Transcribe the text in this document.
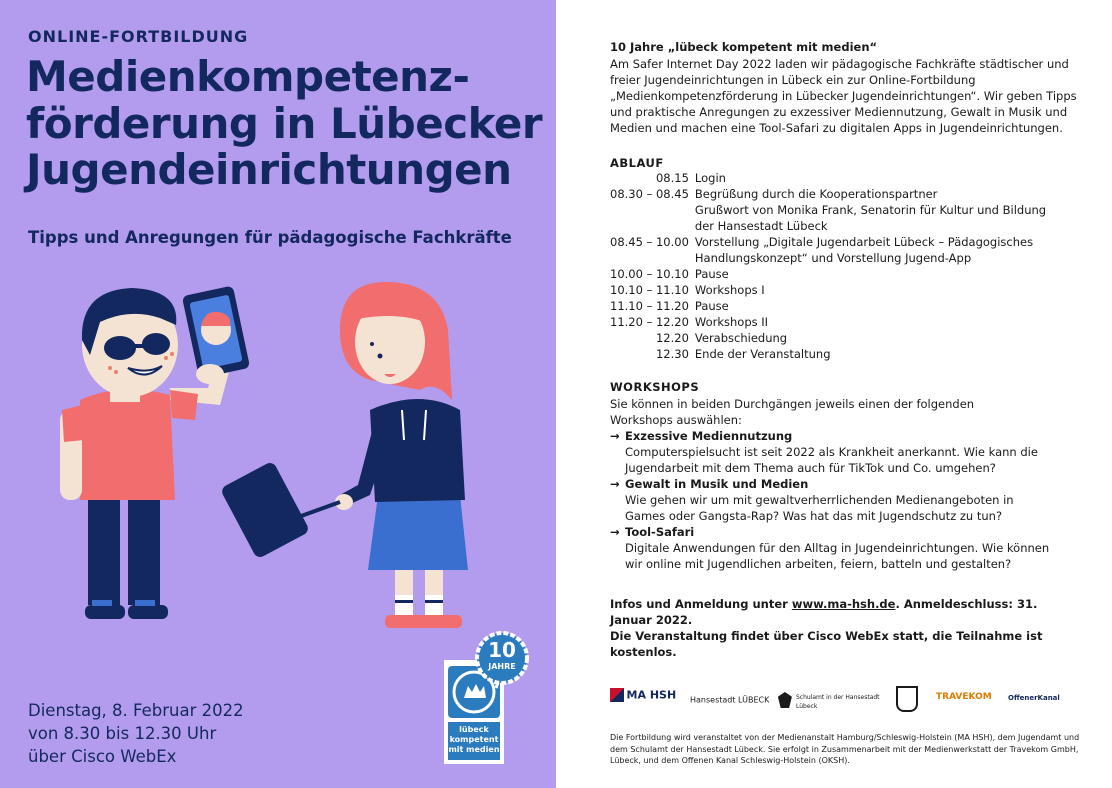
ONLINE-FORTBILDUNG
Medienkompetenz-
förderung in Lübecker
Jugendeinrichtungen
Tipps und Anregungen für pädagogische Fachkräfte
Dienstag, 8. Februar 2022
von 8.30 bis 12.30 Uhr
über Cisco WebEx
10
JAHRE
lübeck
kompetent
mit medien
10 Jahre „lübeck kompetent mit medien“
Am Safer Internet Day 2022 laden wir pädagogische Fachkräfte städtischer und freier Jugendeinrichtungen in Lübeck ein zur Online-Fortbildung „Medienkompetenzförderung in Lübecker Jugendeinrichtungen“. Wir geben Tipps und praktische Anregungen zu exzessiver Mediennutzung, Gewalt in Musik und Medien und machen eine Tool-Safari zu digitalen Apps in Jugendeinrichtungen.
ABLAUF
08.15	Login

08.30 – 08.45	Begrüßung durch die Kooperationspartner
Grußwort von Monika Frank, Senatorin für Kultur und Bildung
der Hansestadt Lübeck

08.45 – 10.00	Vorstellung „Digitale Jugendarbeit Lübeck – Pädagogisches
Handlungskonzept“ und Vorstellung Jugend-App

10.00 – 10.10	Pause

10.10 – 11.10	Workshops I

11.10 – 11.20	Pause

11.20 – 12.20	Workshops II

12.20	Verabschiedung

12.30	Ende der Veranstaltung
WORKSHOPS
Sie können in beiden Durchgängen jeweils einen der folgenden Workshops auswählen:
→ Exzessive Mediennutzung
Computerspielsucht ist seit 2022 als Krankheit anerkannt. Wie kann die Jugendarbeit mit dem Thema auch für TikTok und Co. umgehen?
→ Gewalt in Musik und Medien
Wie gehen wir um mit gewaltverherrlichenden Medienangeboten in Games oder Gangsta-Rap? Was hat das mit Jugendschutz zu tun?
→ Tool-Safari
Digitale Anwendungen für den Alltag in Jugendeinrichtungen. Wie können wir online mit Jugendlichen arbeiten, feiern, batteln und gestalten?
Infos und Anmeldung unter www.ma-hsh.de. Anmeldeschluss: 31. Januar 2022.
Die Veranstaltung findet über Cisco WebEx statt, die Teilnahme ist kostenlos.
MA HSH Hansestadt LÜBECK	Schulamt in der Hansestadt Lübeck
TRAVEKOM OffenerKanal
Die Fortbildung wird veranstaltet von der Medienanstalt Hamburg/Schleswig-Holstein (MA HSH), dem Jugendamt und dem Schulamt der Hansestadt Lübeck. Sie erfolgt in Zusammenarbeit mit der Medienwerkstatt der Travekom GmbH, Lübeck, und dem Offenen Kanal Schleswig-Holstein (OKSH).
